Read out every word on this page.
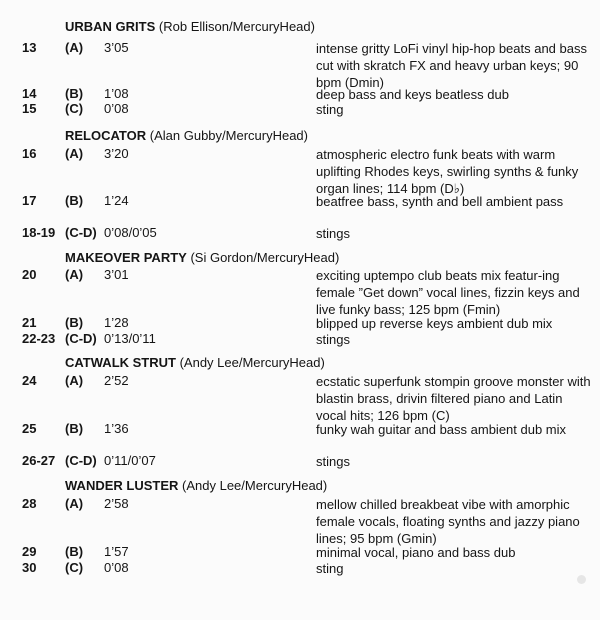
URBAN GRITS (Rob Ellison/MercuryHead)
13 (A) 3’05	intense gritty LoFi vinyl hip-hop beats and bass cut with skratch FX and heavy urban keys; 90 bpm (Dmin)
14 (B) 1’08	deep bass and keys beatless dub
15 (C) 0’08	sting
RELOCATOR (Alan Gubby/MercuryHead)
16 (A) 3’20	atmospheric electro funk beats with warm uplifting Rhodes keys, swirling synths & funky organ lines; 114 bpm (D♭)
17 (B) 1’24	beatfree bass, synth and bell ambient pass
18-19 (C-D) 0’08/0’05	stings
MAKEOVER PARTY (Si Gordon/MercuryHead)
20 (A) 3’01	exciting uptempo club beats mix featur-ing female ”Get down” vocal lines, fizzin keys and live funky bass; 125 bpm (Fmin)
21 (B) 1’28	blipped up reverse keys ambient dub mix
22-23 (C-D) 0’13/0’11	stings
CATWALK STRUT (Andy Lee/MercuryHead)
24 (A) 2’52	ecstatic superfunk stompin groove monster with blastin brass, drivin filtered piano and Latin vocal hits; 126 bpm (C)
25 (B) 1’36	funky wah guitar and bass ambient dub mix
26-27 (C-D) 0’11/0’07	stings
WANDER LUSTER (Andy Lee/MercuryHead)
28 (A) 2’58	mellow chilled breakbeat vibe with amorphic female vocals, floating synths and jazzy piano lines; 95 bpm (Gmin)
29 (B) 1’57	minimal vocal, piano and bass dub
30 (C) 0’08	sting
